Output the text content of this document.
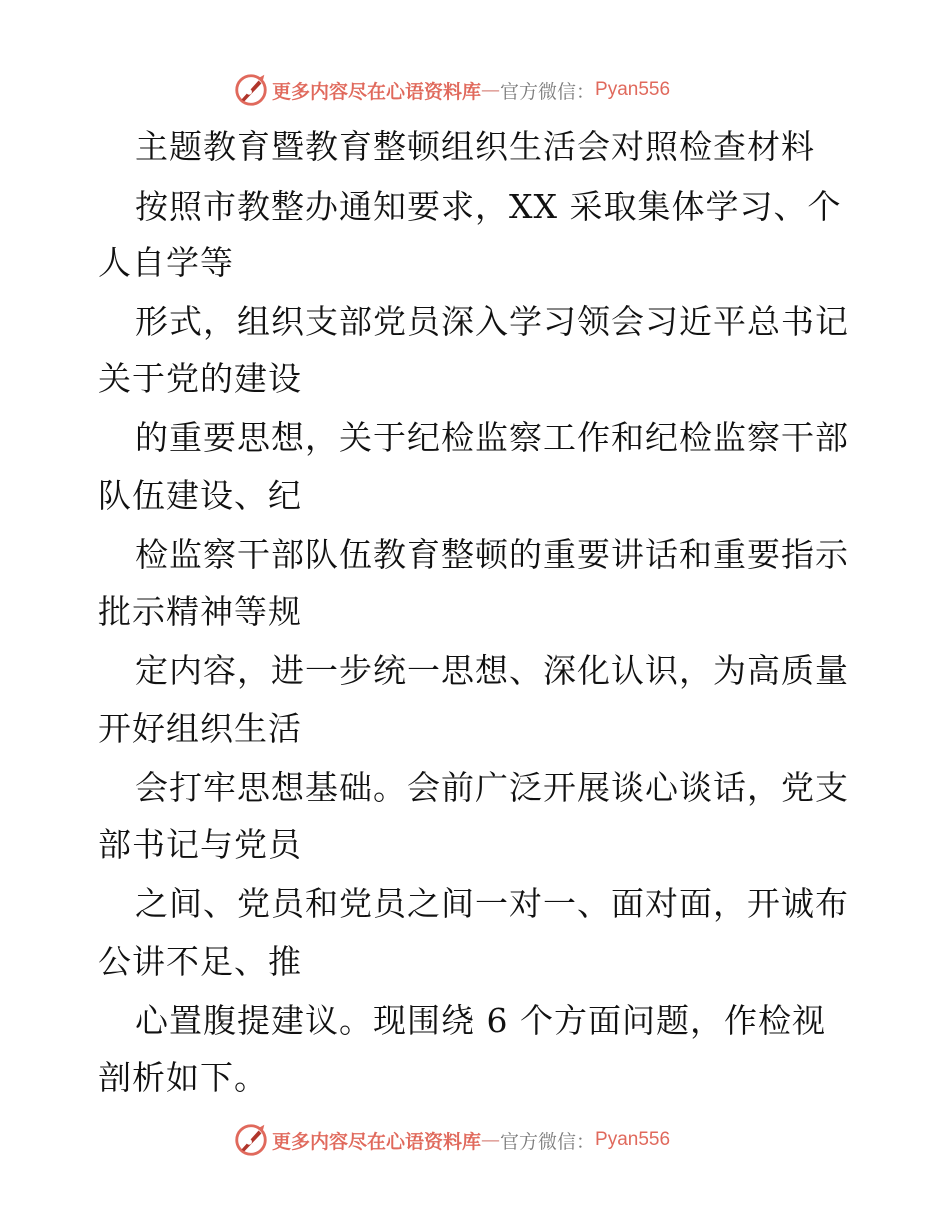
更多内容尽在心语资料库 — 官方微信： Pyan556
主题教育暨教育整顿组织生活会对照检查材料
按照市教整办通知要求，XX 采取集体学习、个
人自学等
形式，组织支部党员深入学习领会习近平总书记
关于党的建设
的重要思想，关于纪检监察工作和纪检监察干部
队伍建设、纪
检监察干部队伍教育整顿的重要讲话和重要指示
批示精神等规
定内容，进一步统一思想、深化认识，为高质量
开好组织生活
会打牢思想基础。会前广泛开展谈心谈话，党支
部书记与党员
之间、党员和党员之间一对一、面对面，开诚布
公讲不足、推
心置腹提建议。现围绕 6 个方面问题，作检视
剖析如下。
更多内容尽在心语资料库 — 官方微信： Pyan556
